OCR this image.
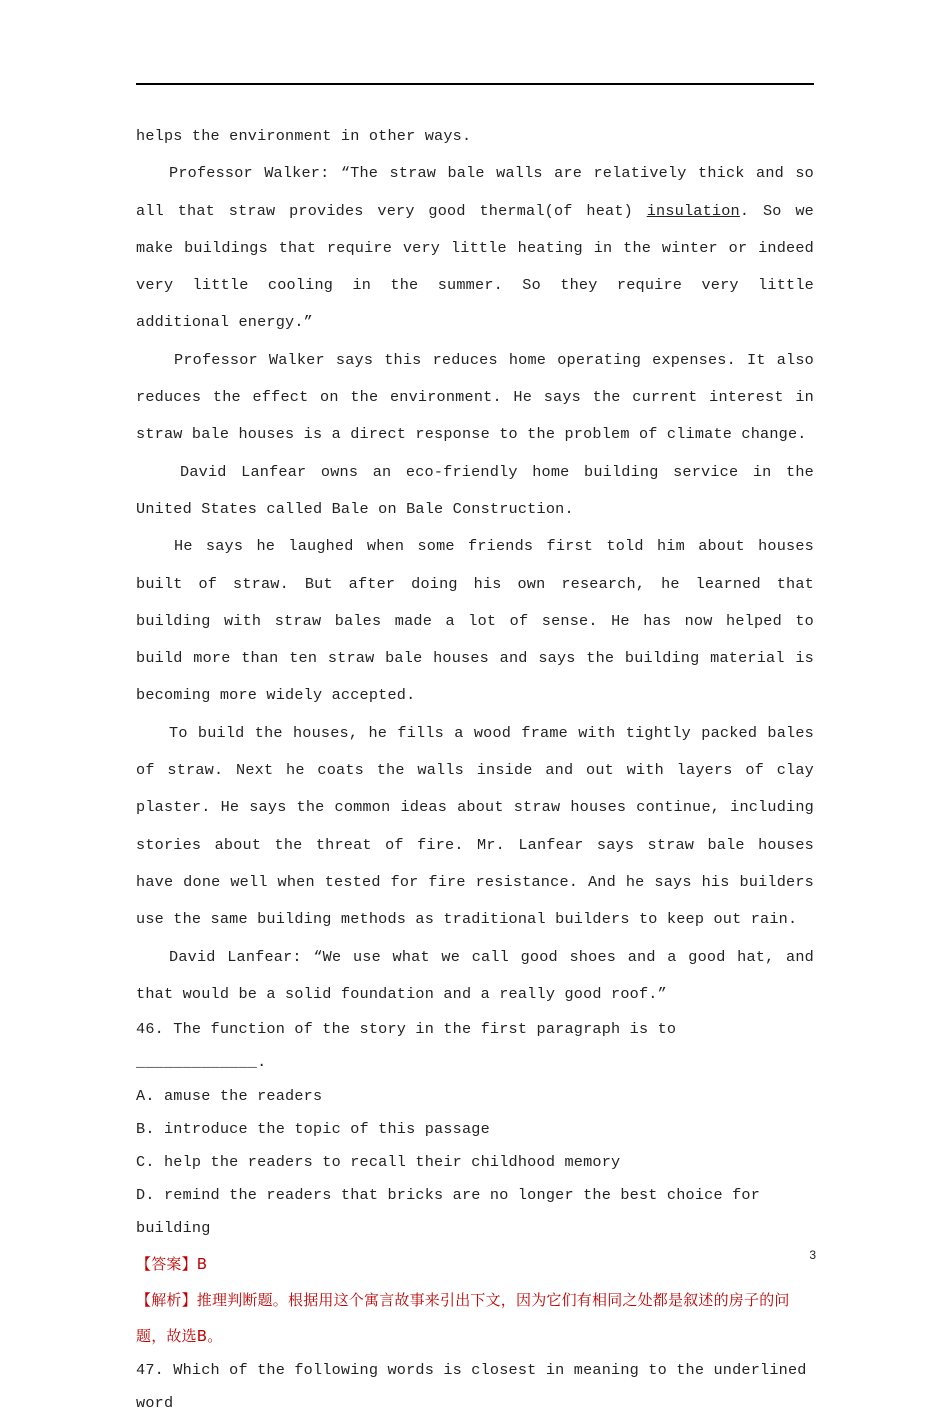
helps the environment in other ways.

Professor Walker: “The straw bale walls are relatively thick and so all that straw provides very good thermal(of heat) insulation. So we make buildings that require very little heating in the winter or indeed very little cooling in the summer. So they require very little additional energy.”

Professor Walker says this reduces home operating expenses. It also reduces the effect on the environment. He says the current interest in straw bale houses is a direct response to the problem of climate change.

David Lanfear owns an eco-friendly home building service in the United States called Bale on Bale Construction.

He says he laughed when some friends first told him about houses built of straw. But after doing his own research, he learned that building with straw bales made a lot of sense. He has now helped to build more than ten straw bale houses and says the building material is becoming more widely accepted.

To build the houses, he fills a wood frame with tightly packed bales of straw. Next he coats the walls inside and out with layers of clay plaster. He says the common ideas about straw houses continue, including stories about the threat of fire. Mr. Lanfear says straw bale houses have done well when tested for fire resistance. And he says his builders use the same building methods as traditional builders to keep out rain.

David Lanfear: “We use what we call good shoes and a good hat, and that would be a solid foundation and a really good roof.”

46. The function of the story in the first paragraph is to _____________.

A. amuse the readers

B. introduce the topic of this passage

C. help the readers to recall their childhood memory

D. remind the readers that bricks are no longer the best choice for building

【答案】B

【解析】推理判断题。根据用这个寓言故事来引出下文，因为它们有相同之处都是叙述的房子的问题，故选B。

47. Which of the following words is closest in meaning to the underlined word

3
